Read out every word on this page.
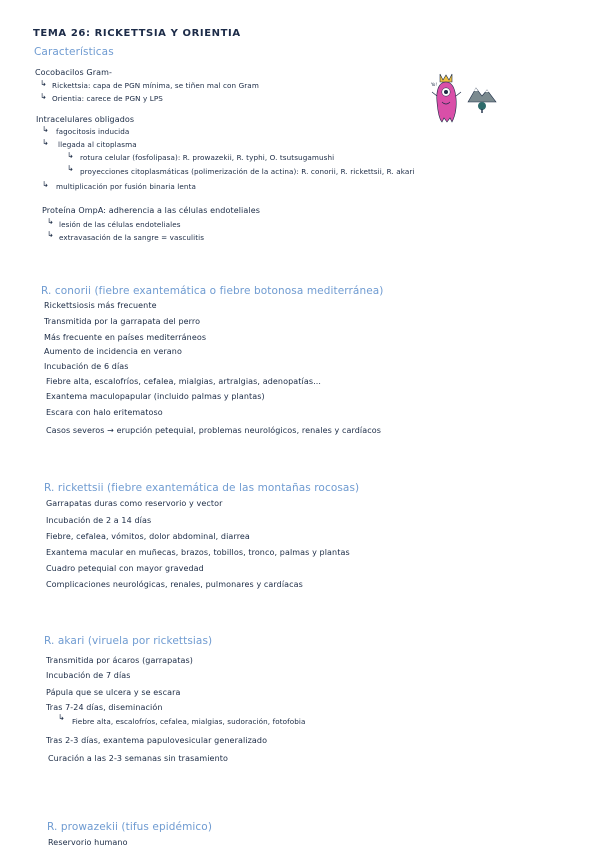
TEMA 26: RICKETTSIA Y ORIENTIA
Características
Cocobacilos Gram-
↳ Rickettsia: capa de PGN mínima, se tiñen mal con Gram
↳ Orientia: carece de PGN y LPS
Intracelulares obligados
↳ fagocitosis inducida
↳ llegada al citoplasma
↳ rotura celular (fosfolipasa): R. prowazekii, R. typhi, O. tsutsugamushi
↳ proyecciones citoplasmáticas (polimerización de la actina): R. conorii, R. rickettsii, R. akari
↳ multiplicación por fusión binaria lenta
Proteína OmpA: adherencia a las células endoteliales
↳ lesión de las células endoteliales
↳ extravasación de la sangre = vasculitis
Yo!
R. conorii (fiebre exantemática o fiebre botonosa mediterránea)
Rickettsiosis más frecuente
Transmitida por la garrapata del perro
Más frecuente en países mediterráneos
Aumento de incidencia en verano
Incubación de 6 días
Fiebre alta, escalofríos, cefalea, mialgias, artralgias, adenopatías...
Exantema maculopapular (incluido palmas y plantas)
Escara con halo eritematoso
Casos severos → erupción petequial, problemas neurológicos, renales y cardíacos
R. rickettsii (fiebre exantemática de las montañas rocosas)
Garrapatas duras como reservorio y vector
Incubación de 2 a 14 días
Fiebre, cefalea, vómitos, dolor abdominal, diarrea
Exantema macular en muñecas, brazos, tobillos, tronco, palmas y plantas
Cuadro petequial con mayor gravedad
Complicaciones neurológicas, renales, pulmonares y cardíacas
R. akari (viruela por rickettsias)
Transmitida por ácaros (garrapatas)
Incubación de 7 días
Pápula que se ulcera y se escara
Tras 7-24 días, diseminación
↳ Fiebre alta, escalofríos, cefalea, mialgias, sudoración, fotofobia
Tras 2-3 días, exantema papulovesicular generalizado
Curación a las 2-3 semanas sin trasamiento
R. prowazekii (tifus epidémico)
Reservorio humano
